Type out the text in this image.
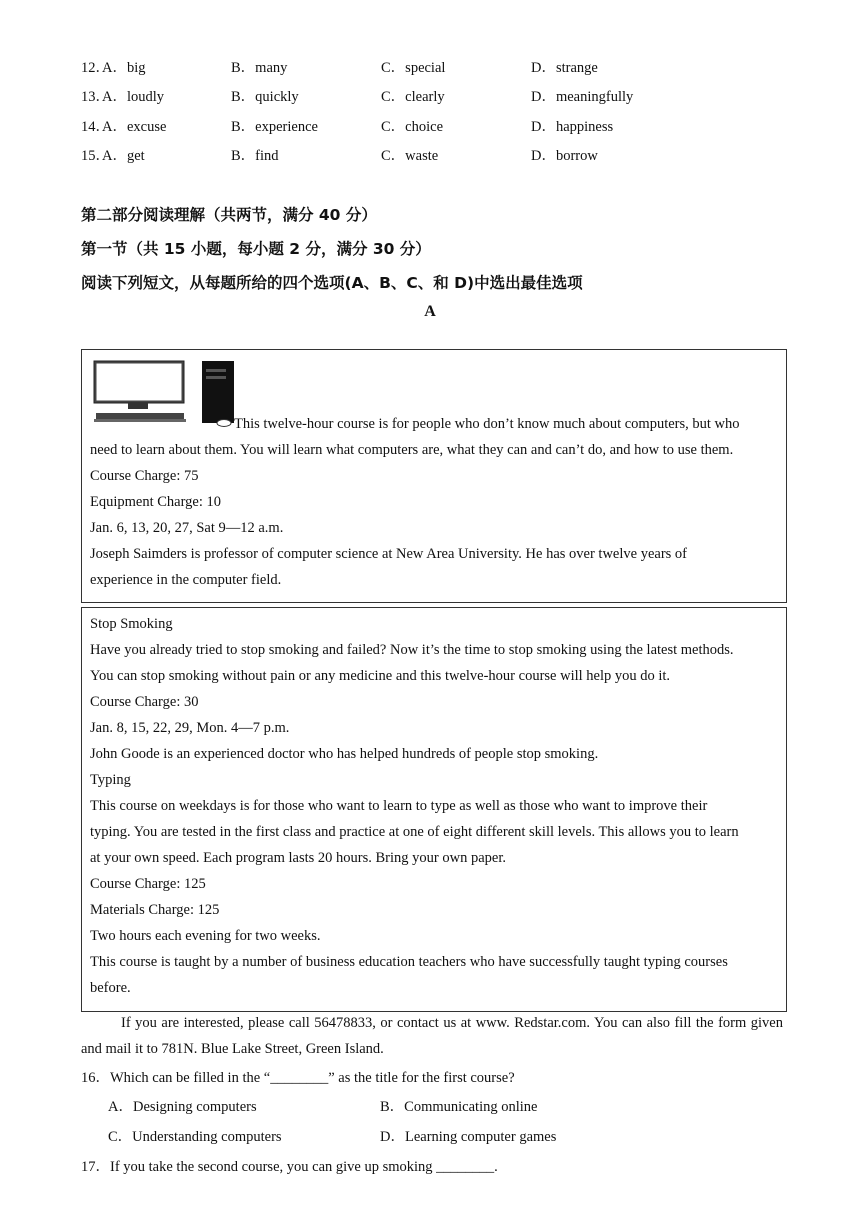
12．
A．big	B．many	C．special	D．strange
13．
A．loudly	B．quickly	C．clearly	D．meaningfully
14．
A．excuse	B．experience	C．choice	D．happiness
15．
A．get	B．find	C．waste	D．borrow
第二部分阅读理解（共两节，满分 40 分）
第一节（共 15 小题，每小题 2 分，满分 30 分）
阅读下列短文，从每题所给的四个选项(A、B、C、和 D)中选出最佳选项
A
This twelve-hour course is for people who don’t know much about computers, but who
need to learn about them. You will learn what computers are, what they can and can’t do, and how to use them.
Course Charge: 75
Equipment Charge: 10
Jan. 6, 13, 20, 27, Sat 9—12 a.m.
Joseph Saimders is professor of computer science at New Area University. He has over twelve years of
experience in the computer field.
Stop Smoking
Have you already tried to stop smoking and failed? Now it’s the time to stop smoking using the latest methods.
You can stop smoking without pain or any medicine and this twelve-hour course will help you do it.
Course Charge: 30
Jan. 8, 15, 22, 29, Mon. 4—7 p.m.
John Goode is an experienced doctor who has helped hundreds of people stop smoking.
Typing
This course on weekdays is for those who want to learn to type as well as those who want to improve their
typing. You are tested in the first class and practice at one of eight different skill levels. This allows you to learn
at your own speed. Each program lasts 20 hours. Bring your own paper.
Course Charge: 125
Materials Charge: 125
Two hours each evening for two weeks.
This course is taught by a number of business education teachers who have successfully taught typing courses
before.
If you are interested, please call 56478833, or contact us at www. Redstar.com. You can also fill the form given and mail it to 781N. Blue Lake Street, Green Island.
16．Which can be filled in the “________” as the title for the first course?
A．Designing computers	B．Communicating online
C．Understanding computers	D．Learning computer games
17．If you take the second course, you can give up smoking ________.
